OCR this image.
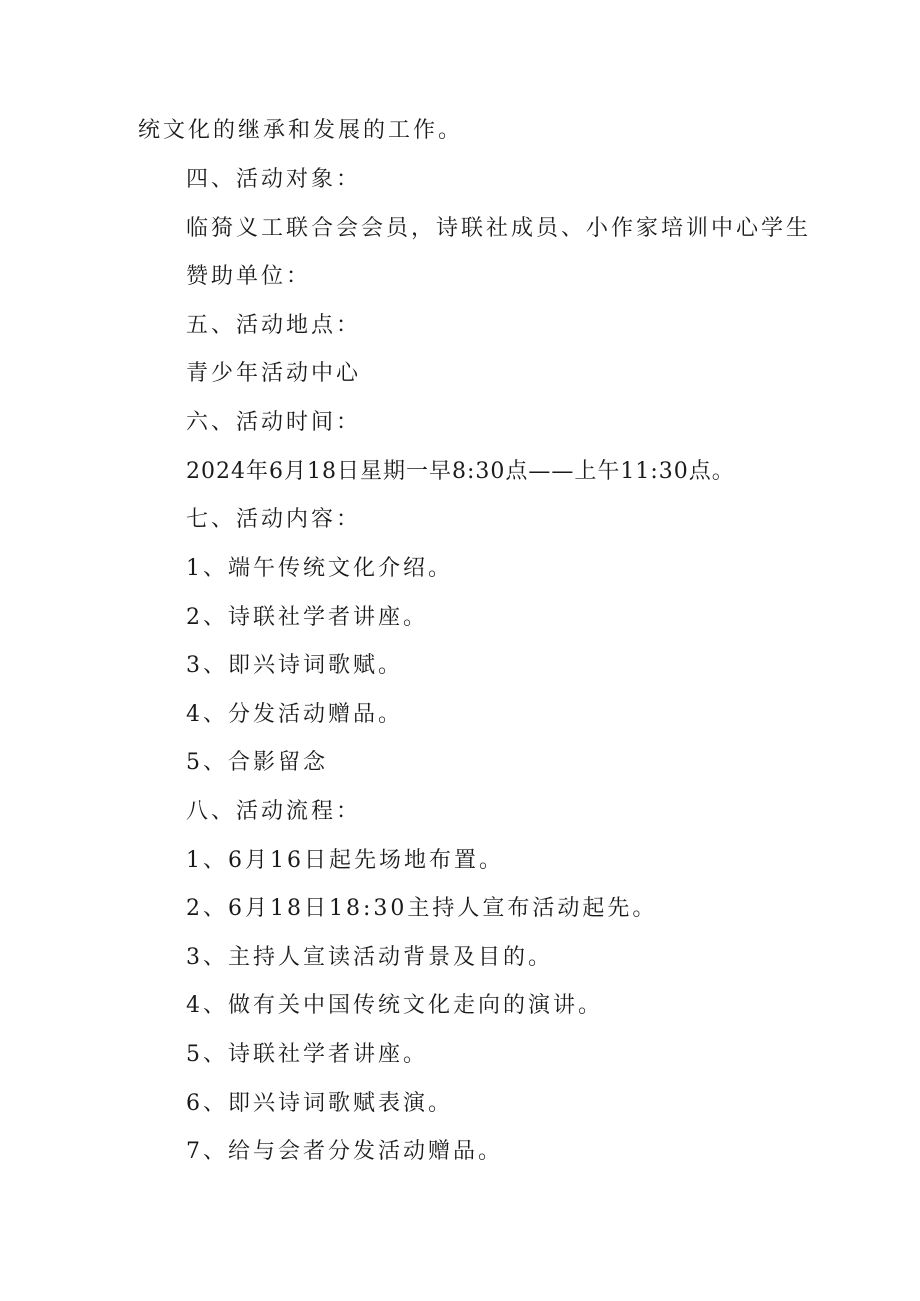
统文化的继承和发展的工作。
四、活动对象：
临猗义工联合会会员，诗联社成员、小作家培训中心学生
赞助单位：
五、活动地点：
青少年活动中心
六、活动时间：
2024年6月18日星期一早8:30点——上午11:30点。
七、活动内容：
1、端午传统文化介绍。
2、诗联社学者讲座。
3、即兴诗词歌赋。
4、分发活动赠品。
5、合影留念
八、活动流程：
1、6月16日起先场地布置。
2、6月18日18:30主持人宣布活动起先。
3、主持人宣读活动背景及目的。
4、做有关中国传统文化走向的演讲。
5、诗联社学者讲座。
6、即兴诗词歌赋表演。
7、给与会者分发活动赠品。
